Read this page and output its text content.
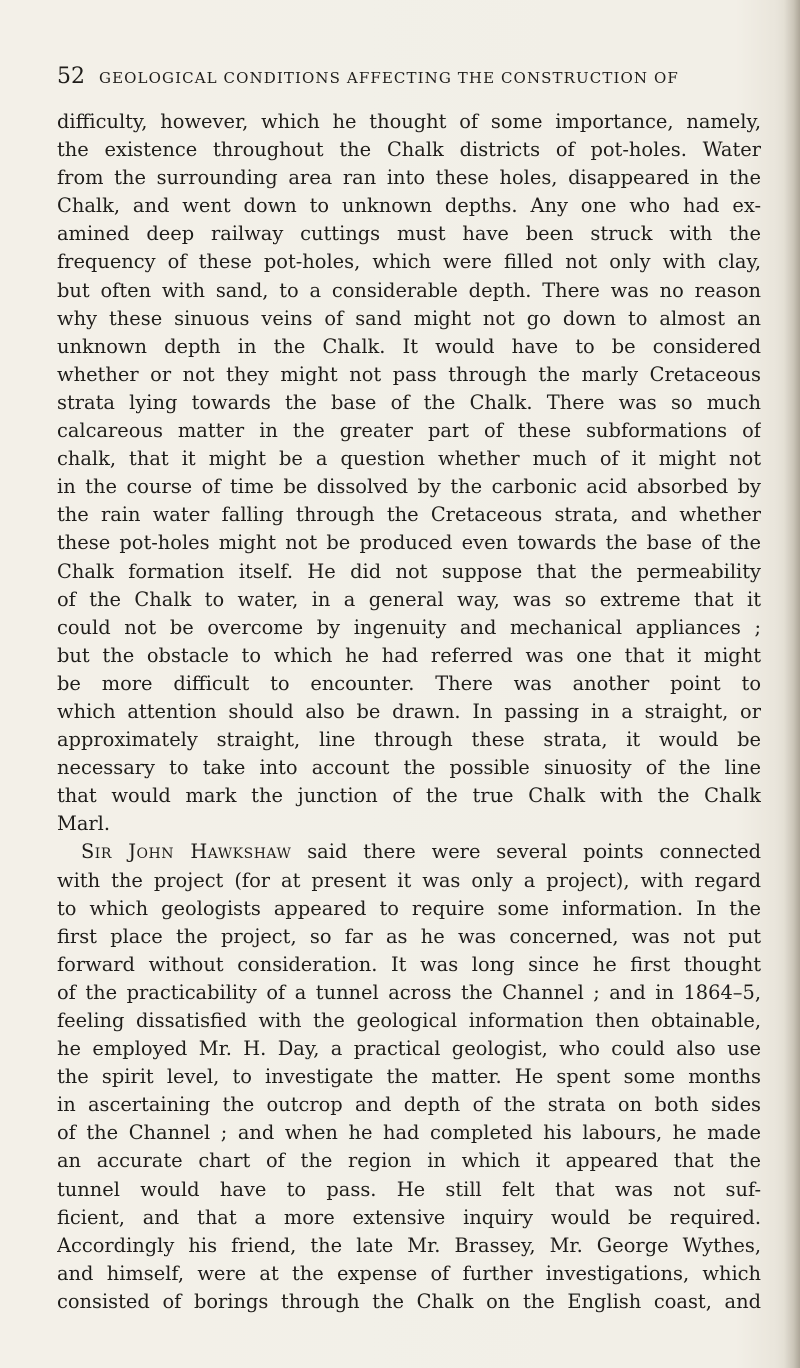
52 GEOLOGICAL CONDITIONS AFFECTING THE CONSTRUCTION OF
difficulty, however, which he thought of some importance, namely,
the existence throughout the Chalk districts of pot-holes. Water
from the surrounding area ran into these holes, disappeared in the
Chalk, and went down to unknown depths. Any one who had ex-
amined deep railway cuttings must have been struck with the
frequency of these pot-holes, which were filled not only with clay,
but often with sand, to a considerable depth. There was no reason
why these sinuous veins of sand might not go down to almost an
unknown depth in the Chalk. It would have to be considered
whether or not they might not pass through the marly Cretaceous
strata lying towards the base of the Chalk. There was so much
calcareous matter in the greater part of these subformations of
chalk, that it might be a question whether much of it might not
in the course of time be dissolved by the carbonic acid absorbed by
the rain water falling through the Cretaceous strata, and whether
these pot-holes might not be produced even towards the base of the
Chalk formation itself. He did not suppose that the permeability
of the Chalk to water, in a general way, was so extreme that it
could not be overcome by ingenuity and mechanical appliances ;
but the obstacle to which he had referred was one that it might
be more difficult to encounter. There was another point to
which attention should also be drawn. In passing in a straight, or
approximately straight, line through these strata, it would be
necessary to take into account the possible sinuosity of the line
that would mark the junction of the true Chalk with the Chalk
Marl.
Sir John Hawkshaw said there were several points connected
with the project (for at present it was only a project), with regard
to which geologists appeared to require some information. In the
first place the project, so far as he was concerned, was not put
forward without consideration. It was long since he first thought
of the practicability of a tunnel across the Channel ; and in 1864–5,
feeling dissatisfied with the geological information then obtainable,
he employed Mr. H. Day, a practical geologist, who could also use
the spirit level, to investigate the matter. He spent some months
in ascertaining the outcrop and depth of the strata on both sides
of the Channel ; and when he had completed his labours, he made
an accurate chart of the region in which it appeared that the
tunnel would have to pass. He still felt that was not suf-
ficient, and that a more extensive inquiry would be required.
Accordingly his friend, the late Mr. Brassey, Mr. George Wythes,
and himself, were at the expense of further investigations, which
consisted of borings through the Chalk on the English coast, and
